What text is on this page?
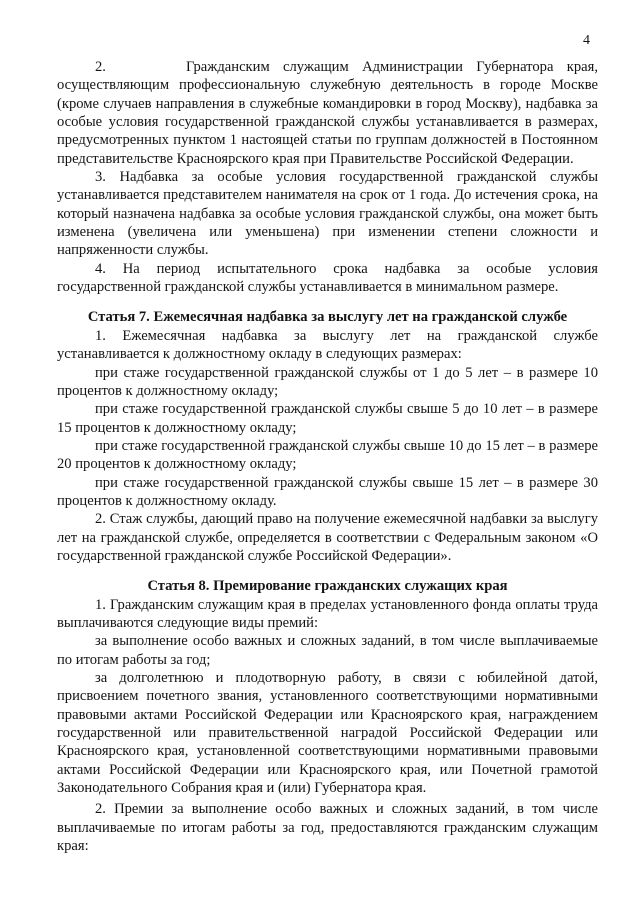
4

2.      Гражданским служащим Администрации Губернатора края, осуществляющим профессиональную служебную деятельность в городе Москве (кроме случаев направления в служебные командировки в город Москву), надбавка за особые условия государственной гражданской службы устанавливается в размерах, предусмотренных пунктом 1 настоящей статьи по группам должностей в Постоянном представительстве Красноярского края при Правительстве Российской Федерации.

3. Надбавка за особые условия государственной гражданской службы устанавливается представителем нанимателя на срок от 1 года. До истечения срока, на который назначена надбавка за особые условия гражданской службы, она может быть изменена (увеличена или уменьшена) при изменении степени сложности и напряженности службы.

4. На период испытательного срока надбавка за особые условия государственной гражданской службы устанавливается в минимальном размере.

Статья 7. Ежемесячная надбавка за выслугу лет на гражданской службе

1. Ежемесячная надбавка за выслугу лет на гражданской службе устанавливается к должностному окладу в следующих размерах:

при стаже государственной гражданской службы от 1 до 5 лет – в размере 10 процентов к должностному окладу;

при стаже государственной гражданской службы свыше 5 до 10 лет – в размере 15 процентов к должностному окладу;

при стаже государственной гражданской службы свыше 10 до 15 лет – в размере 20 процентов к должностному окладу;

при стаже государственной гражданской службы свыше 15 лет – в размере 30 процентов к должностному окладу.

2. Стаж службы, дающий право на получение ежемесячной надбавки за выслугу лет на гражданской службе, определяется в соответствии с Федеральным законом «О государственной гражданской службе Российской Федерации».

Статья 8. Премирование гражданских служащих края

1. Гражданским служащим края в пределах установленного фонда оплаты труда выплачиваются следующие виды премий:

за выполнение особо важных и сложных заданий, в том числе выплачиваемые по итогам работы за год;

за долголетнюю и плодотворную работу, в связи с юбилейной датой, присвоением почетного звания, установленного соответствующими нормативными правовыми актами Российской Федерации или Красноярского края, награждением государственной или правительственной наградой Российской Федерации или Красноярского края, установленной соответствующими нормативными правовыми актами Российской Федерации или Красноярского края, или Почетной грамотой Законодательного Собрания края и (или) Губернатора края.

2. Премии за выполнение особо важных и сложных заданий, в том числе выплачиваемые по итогам работы за год, предоставляются гражданским служащим края:
